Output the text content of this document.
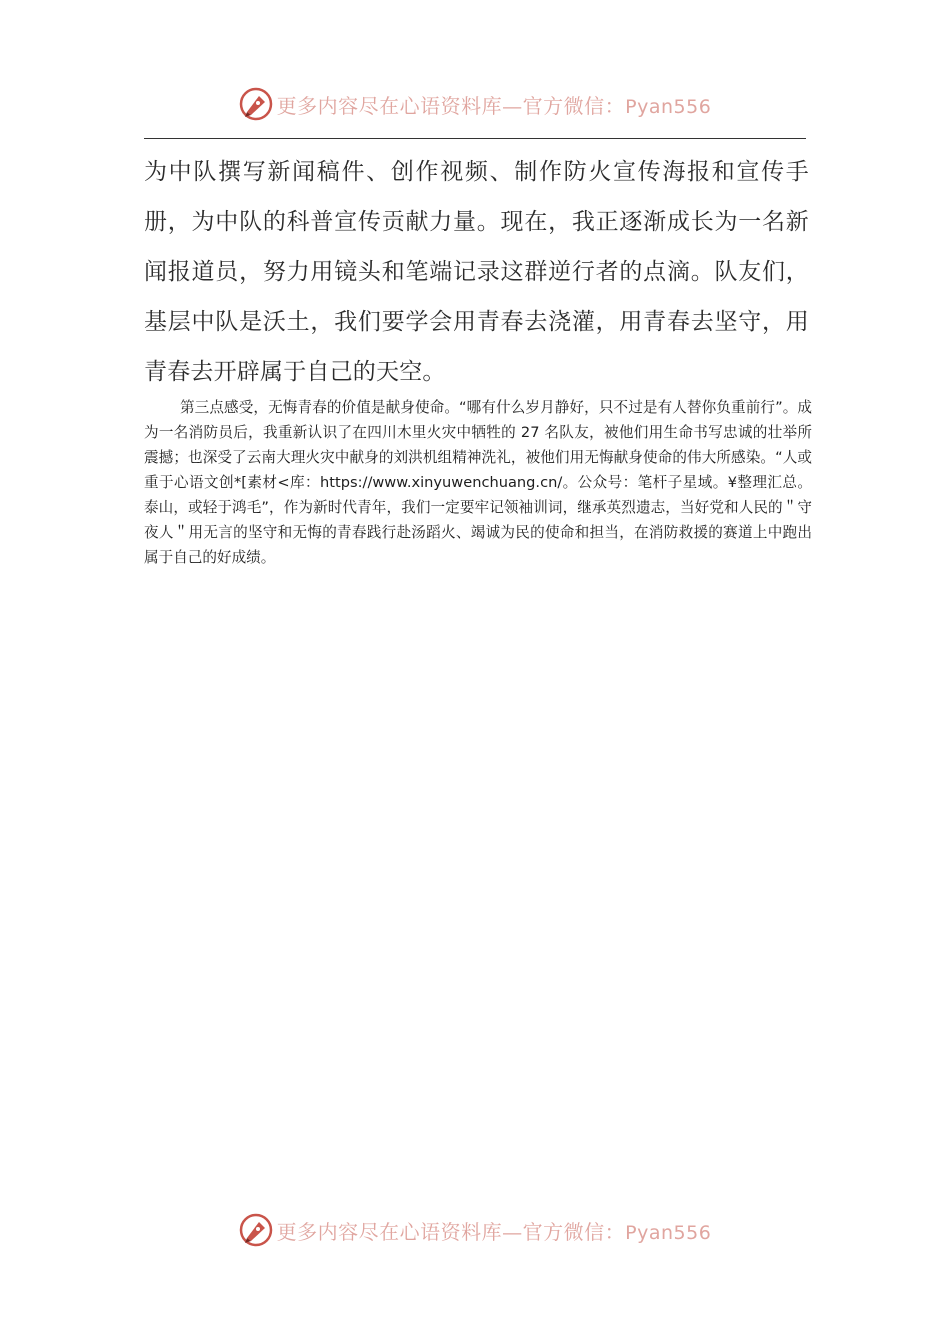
更多内容尽在心语资料库—官方微信：Pyan556

为中队撰写新闻稿件、创作视频、制作防火宣传海报和宣传手册，为中队的科普宣传贡献力量。现在，我正逐渐成长为一名新闻报道员，努力用镜头和笔端记录这群逆行者的点滴。队友们，基层中队是沃土，我们要学会用青春去浇灌，用青春去坚守，用青春去开辟属于自己的天空。

第三点感受，无悔青春的价值是献身使命。“哪有什么岁月静好，只不过是有人替你负重前行”。成为一名消防员后，我重新认识了在四川木里火灾中牺牲的 27 名队友，被他们用生命书写忠诚的壮举所震撼；也深受了云南大理火灾中献身的刘洪机组精神洗礼，被他们用无悔献身使命的伟大所感染。“人或重于心语文创*[素材<库：https://www.xinyuwenchuang.cn/。公众号：笔杆子星域。¥整理汇总。泰山，或轻于鸿毛”，作为新时代青年，我们一定要牢记领袖训词，继承英烈遗志，当好党和人民的＂守夜人＂用无言的坚守和无悔的青春践行赴汤蹈火、竭诚为民的使命和担当，在消防救援的赛道上中跑出属于自己的好成绩。

更多内容尽在心语资料库—官方微信：Pyan556
